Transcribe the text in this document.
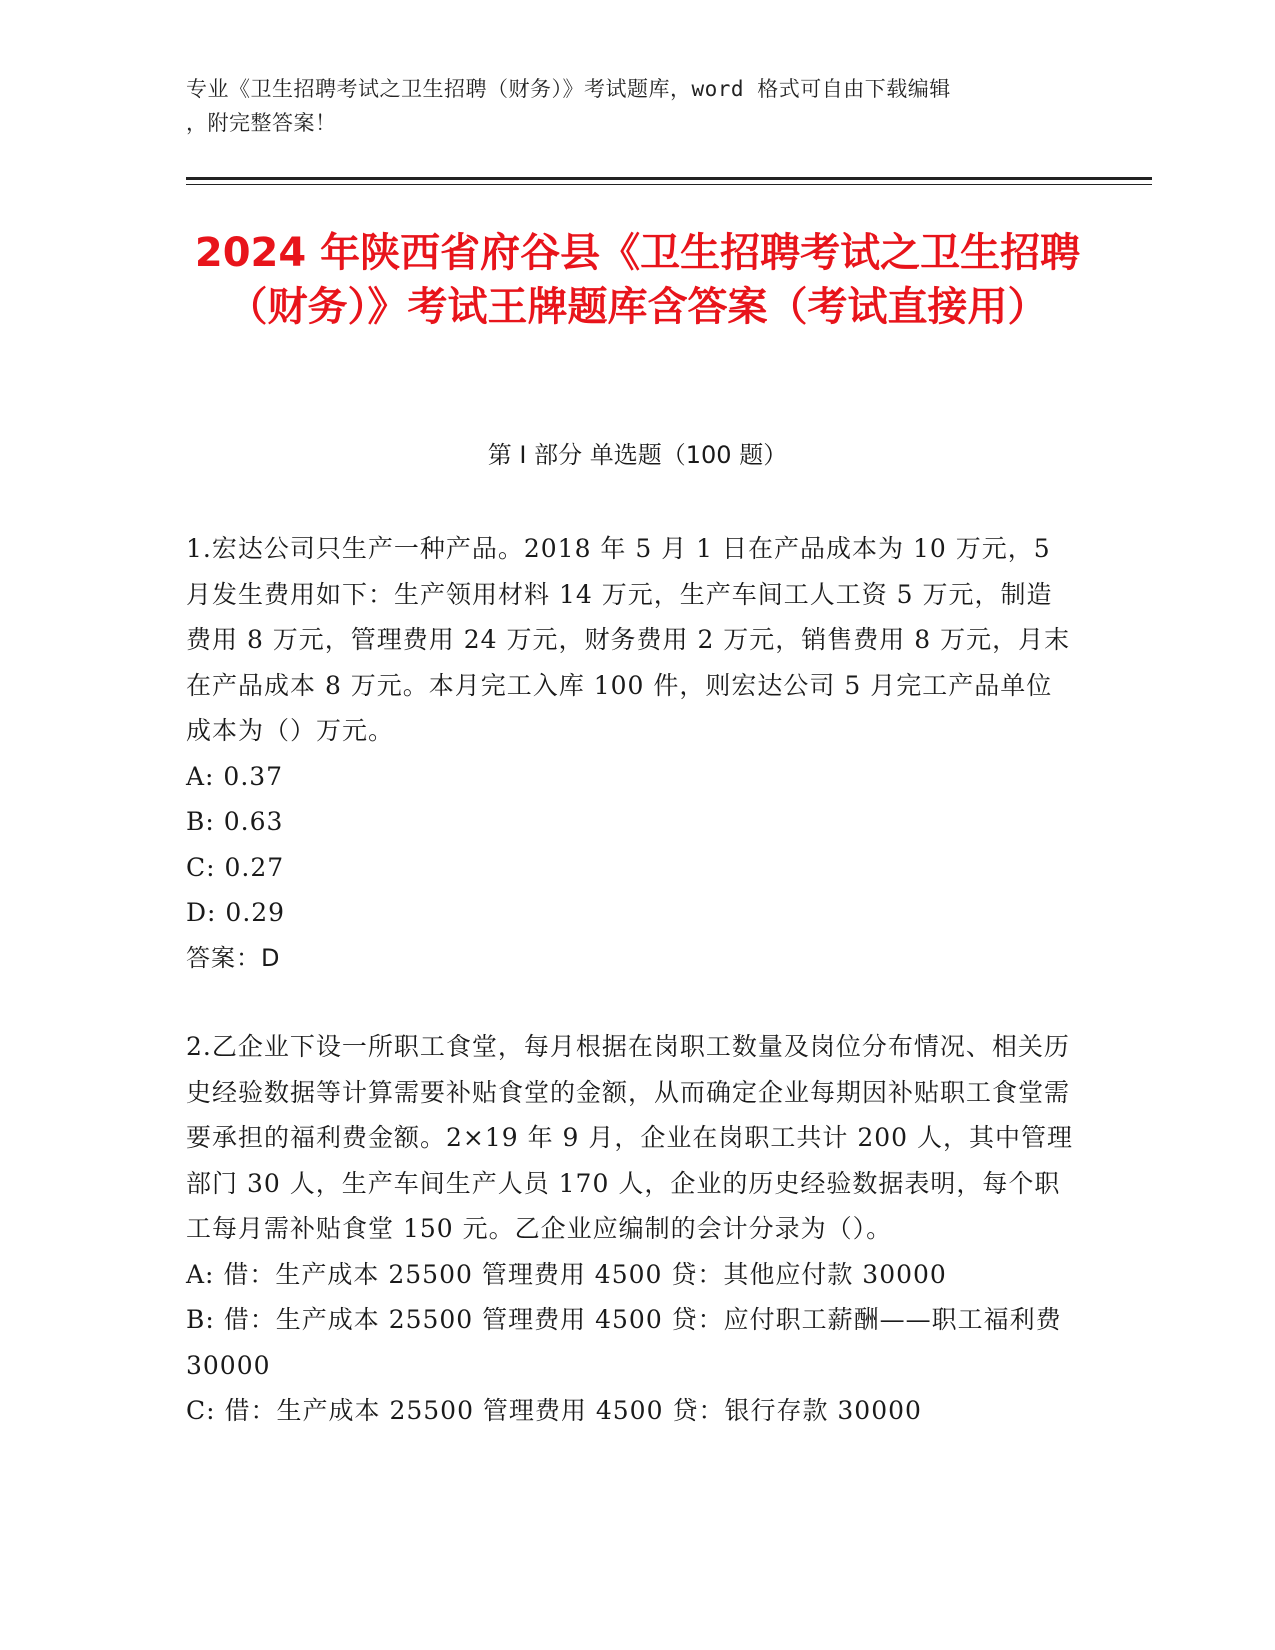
专业《卫生招聘考试之卫生招聘（财务）》考试题库，word 格式可自由下载编辑
，附完整答案！
2024 年陕西省府谷县《卫生招聘考试之卫生招聘（财务）》考试王牌题库含答案（考试直接用）
第 I 部分 单选题（100 题）
1.宏达公司只生产一种产品。2018 年 5 月 1 日在产品成本为 10 万元，5 月发生费用如下：生产领用材料 14 万元，生产车间工人工资 5 万元，制造费用 8 万元，管理费用 24 万元，财务费用 2 万元，销售费用 8 万元，月末在产品成本 8 万元。本月完工入库 100 件，则宏达公司 5 月完工产品单位成本为（）万元。
A: 0.37
B: 0.63
C: 0.27
D: 0.29
答案：D
2.乙企业下设一所职工食堂，每月根据在岗职工数量及岗位分布情况、相关历史经验数据等计算需要补贴食堂的金额，从而确定企业每期因补贴职工食堂需要承担的福利费金额。2×19 年 9 月，企业在岗职工共计 200 人，其中管理部门 30 人，生产车间生产人员 170 人，企业的历史经验数据表明，每个职工每月需补贴食堂 150 元。乙企业应编制的会计分录为（）。
A: 借：生产成本 25500 管理费用 4500 贷：其他应付款 30000
B: 借：生产成本 25500 管理费用 4500 贷：应付职工薪酬——职工福利费 30000
C: 借：生产成本 25500 管理费用 4500 贷：银行存款 30000
